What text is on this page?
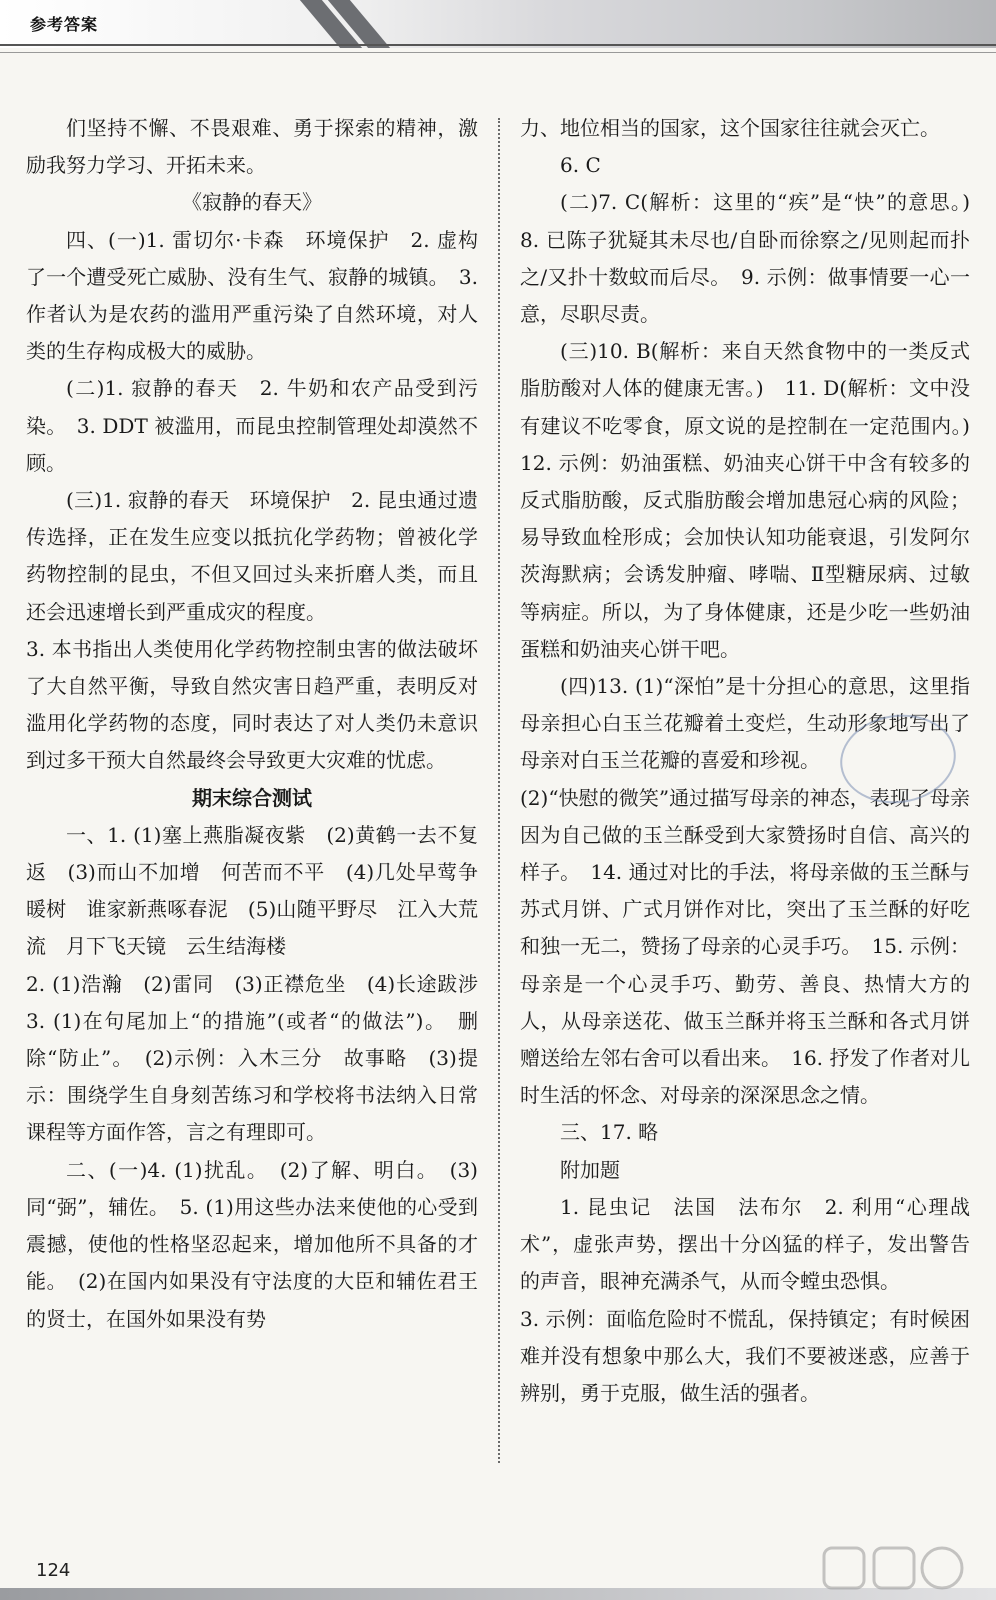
参考答案

们坚持不懈、不畏艰难、勇于探索的精神，激励我努力学习、开拓未来。

《寂静的春天》

四、(一)1. 雷切尔·卡森　环境保护　2. 虚构了一个遭受死亡威胁、没有生气、寂静的城镇。　3. 作者认为是农药的滥用严重污染了自然环境，对人类的生存构成极大的威胁。

(二)1. 寂静的春天　2. 牛奶和农产品受到污染。　3. DDT 被滥用，而昆虫控制管理处却漠然不顾。

(三)1. 寂静的春天　环境保护　2. 昆虫通过遗传选择，正在发生应变以抵抗化学药物；曾被化学药物控制的昆虫，不但又回过头来折磨人类，而且还会迅速增长到严重成灾的程度。

3. 本书指出人类使用化学药物控制虫害的做法破坏了大自然平衡，导致自然灾害日趋严重，表明反对滥用化学药物的态度，同时表达了对人类仍未意识到过多干预大自然最终会导致更大灾难的忧虑。

期末综合测试

一、1. (1)塞上燕脂凝夜紫　(2)黄鹤一去不复返　(3)而山不加增　何苦而不平　(4)几处早莺争暖树　谁家新燕啄春泥　(5)山随平野尽　江入大荒流　月下飞天镜　云生结海楼

2. (1)浩瀚　(2)雷同　(3)正襟危坐　(4)长途跋涉　3. (1)在句尾加上“的措施”(或者“的做法”)。　删除“防止”。　(2)示例：入木三分　故事略　(3)提示：围绕学生自身刻苦练习和学校将书法纳入日常课程等方面作答，言之有理即可。

二、(一)4. (1)扰乱。　(2)了解、明白。　(3)同“弼”，辅佐。　5. (1)用这些办法来使他的心受到震撼，使他的性格坚忍起来，增加他所不具备的才能。　(2)在国内如果没有守法度的大臣和辅佐君王的贤士，在国外如果没有势

力、地位相当的国家，这个国家往往就会灭亡。

6. C

(二)7. C(解析：这里的“疾”是“快”的意思。)　8. 已陈子犹疑其未尽也/自卧而徐察之/见则起而扑之/又扑十数蚊而后尽。　9. 示例：做事情要一心一意，尽职尽责。

(三)10. B(解析：来自天然食物中的一类反式脂肪酸对人体的健康无害。)　11. D(解析：文中没有建议不吃零食，原文说的是控制在一定范围内。)　12. 示例：奶油蛋糕、奶油夹心饼干中含有较多的反式脂肪酸，反式脂肪酸会增加患冠心病的风险；易导致血栓形成；会加快认知功能衰退，引发阿尔茨海默病；会诱发肿瘤、哮喘、Ⅱ型糖尿病、过敏等病症。所以，为了身体健康，还是少吃一些奶油蛋糕和奶油夹心饼干吧。

(四)13. (1)“深怕”是十分担心的意思，这里指母亲担心白玉兰花瓣着土变烂，生动形象地写出了母亲对白玉兰花瓣的喜爱和珍视。

(2)“快慰的微笑”通过描写母亲的神态，表现了母亲因为自己做的玉兰酥受到大家赞扬时自信、高兴的样子。　14. 通过对比的手法，将母亲做的玉兰酥与苏式月饼、广式月饼作对比，突出了玉兰酥的好吃和独一无二，赞扬了母亲的心灵手巧。　15. 示例：母亲是一个心灵手巧、勤劳、善良、热情大方的人，从母亲送花、做玉兰酥并将玉兰酥和各式月饼赠送给左邻右舍可以看出来。　16. 抒发了作者对儿时生活的怀念、对母亲的深深思念之情。

三、17. 略

附加题

1. 昆虫记　法国　法布尔　2. 利用“心理战术”，虚张声势，摆出十分凶猛的样子，发出警告的声音，眼神充满杀气，从而令螳虫恐惧。

3. 示例：面临危险时不慌乱，保持镇定；有时候困难并没有想象中那么大，我们不要被迷惑，应善于辨别，勇于克服，做生活的强者。

124
